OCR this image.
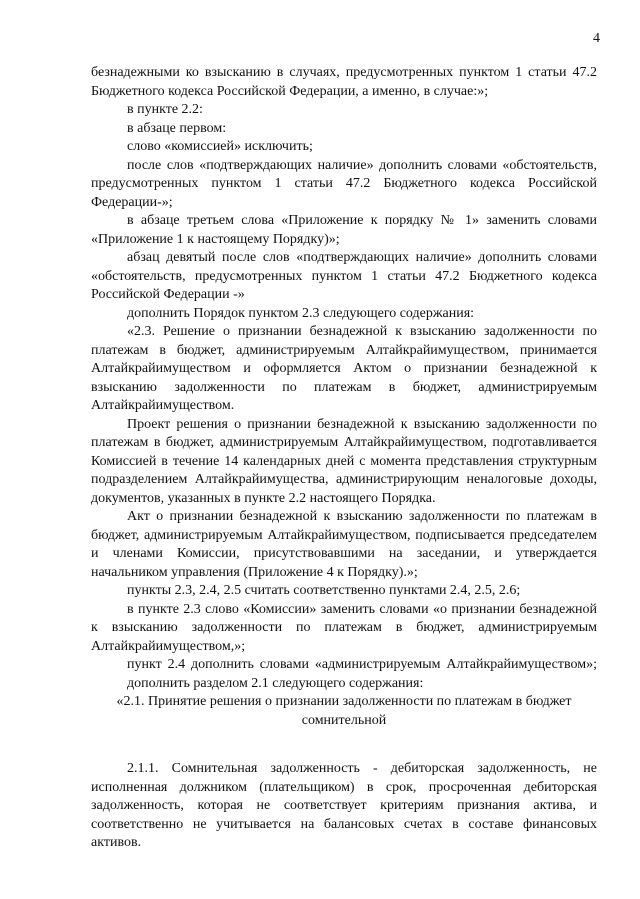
4

безнадежными ко взысканию в случаях, предусмотренных пунктом 1 статьи 47.2 Бюджетного кодекса Российской Федерации, а именно, в случае:»;

в пункте 2.2:

в абзаце первом:

слово «комиссией» исключить;

после слов «подтверждающих наличие» дополнить словами «обстоятельств, предусмотренных пунктом 1 статьи 47.2 Бюджетного кодекса Российской Федерации-»;

в абзаце третьем слова «Приложение к порядку № 1» заменить словами «Приложение 1 к настоящему Порядку)»;

абзац девятый после слов «подтверждающих наличие» дополнить словами «обстоятельств, предусмотренных пунктом 1 статьи 47.2 Бюджетного кодекса Российской Федерации -»

дополнить Порядок пунктом 2.3 следующего содержания:

«2.3. Решение о признании безнадежной к взысканию задолженности по платежам в бюджет, администрируемым Алтайкрайимуществом, принимается Алтайкрайимуществом и оформляется Актом о признании безнадежной к взысканию задолженности по платежам в бюджет, администрируемым Алтайкрайимуществом.

Проект решения о признании безнадежной к взысканию задолженности по платежам в бюджет, администрируемым Алтайкрайимуществом, подготавливается Комиссией в течение 14 календарных дней с момента представления структурным подразделением Алтайкрайимущества, администрирующим неналоговые доходы, документов, указанных в пункте 2.2 настоящего Порядка.

Акт о признании безнадежной к взысканию задолженности по платежам в бюджет, администрируемым Алтайкрайимуществом, подписывается председателем и членами Комиссии, присутствовавшими на заседании, и утверждается начальником управления (Приложение 4 к Порядку).»;

пункты 2.3, 2.4, 2.5 считать соответственно пунктами 2.4, 2.5, 2.6;

в пункте 2.3 слово «Комиссии» заменить словами «о признании безнадежной к взысканию задолженности по платежам в бюджет, администрируемым Алтайкрайимуществом,»;

пункт 2.4 дополнить словами «администрируемым Алтайкрайимуществом»;

дополнить разделом 2.1 следующего содержания:

«2.1. Принятие решения о признании задолженности по платежам в бюджет сомнительной

2.1.1. Сомнительная задолженность - дебиторская задолженность, не исполненная должником (плательщиком) в срок, просроченная дебиторская задолженность, которая не соответствует критериям признания актива, и соответственно не учитывается на балансовых счетах в составе финансовых активов.
